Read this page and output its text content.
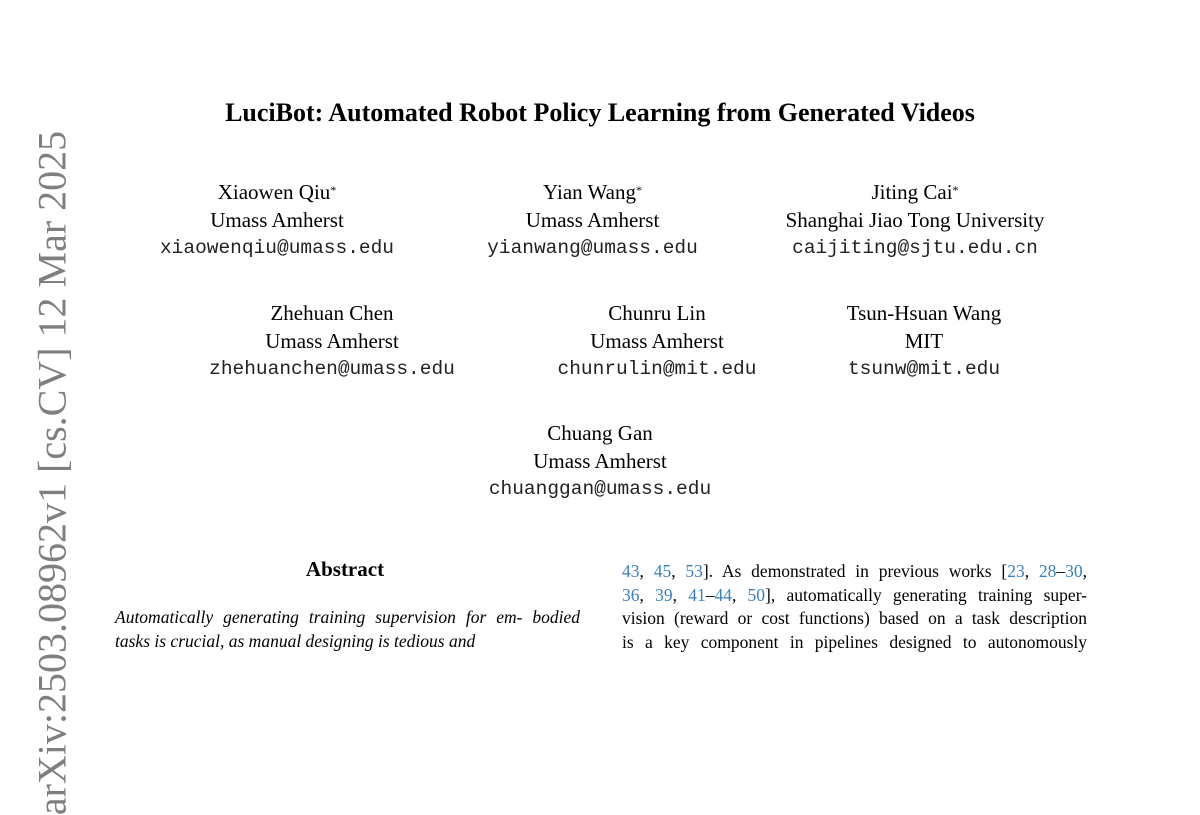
arXiv:2503.08962v1 [cs.CV] 12 Mar 2025
LuciBot: Automated Robot Policy Learning from Generated Videos
Xiaowen Qiu*
Umass Amherst
xiaowenqiu@umass.edu
Yian Wang*
Umass Amherst
yianwang@umass.edu
Jiting Cai*
Shanghai Jiao Tong University
caijiting@sjtu.edu.cn
Zhehuan Chen
Umass Amherst
zhehuanchen@umass.edu
Chunru Lin
Umass Amherst
chunrulin@mit.edu
Tsun-Hsuan Wang
MIT
tsunw@mit.edu
Chuang Gan
Umass Amherst
chuanggan@umass.edu
Abstract
Automatically generating training supervision for em- bodied tasks is crucial, as manual designing is tedious and
43, 45, 53]. As demonstrated in previous works [23, 28–30,
36, 39, 41–44, 50], automatically generating training super-
vision (reward or cost functions) based on a task description
is a key component in pipelines designed to autonomously
